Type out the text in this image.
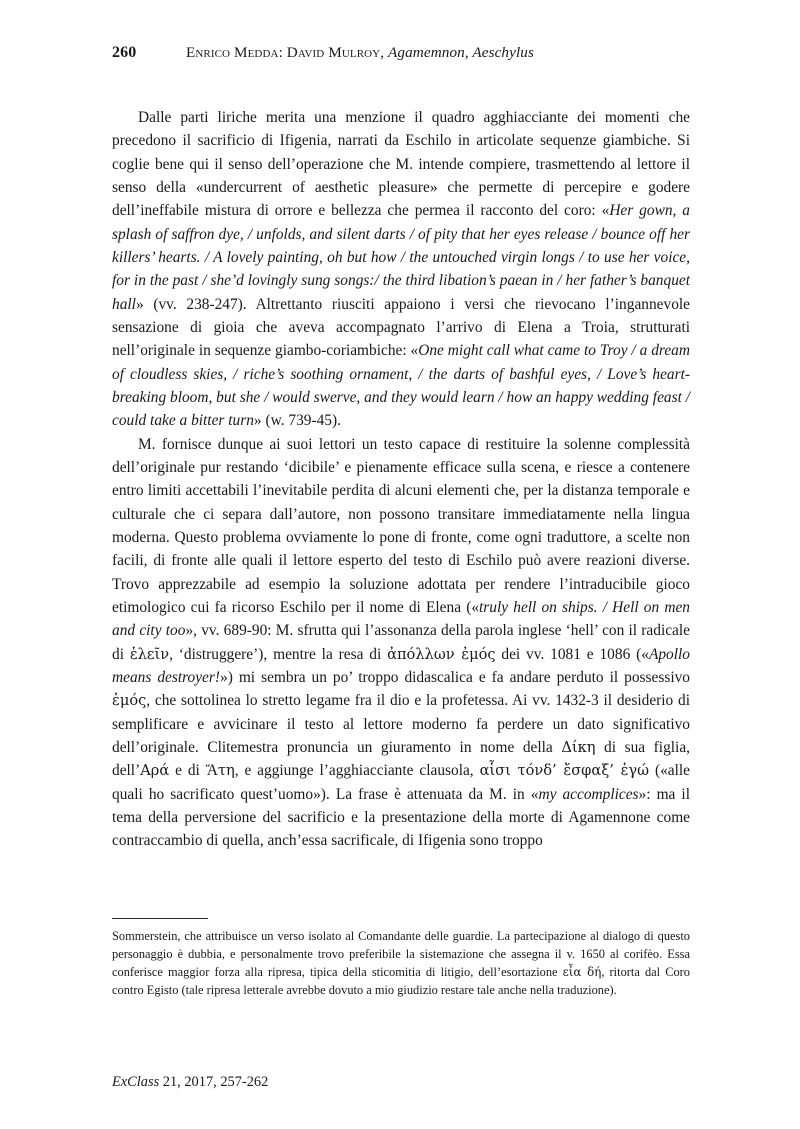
260	Enrico Medda: David Mulroy, Agamemnon, Aeschylus

Dalle parti liriche merita una menzione il quadro agghiacciante dei momenti che precedono il sacrificio di Ifigenia, narrati da Eschilo in articolate sequenze giambiche. Si coglie bene qui il senso dell’operazione che M. intende compiere, trasmettendo al lettore il senso della «undercurrent of aesthetic pleasure» che permette di percepire e godere dell’ineffabile mistura di orrore e bellezza che permea il racconto del coro: «Her gown, a splash of saffron dye, / unfolds, and silent darts / of pity that her eyes release / bounce off her killers’ hearts. / A lovely painting, oh but how / the untouched virgin longs / to use her voice, for in the past / she’d lovingly sung songs:/ the third libation’s paean in / her father’s banquet hall» (vv. 238-247). Altrettanto riusciti appaiono i versi che rievocano l’ingannevole sensazione di gioia che aveva accompagnato l’arrivo di Elena a Troia, strutturati nell’originale in sequenze giambo-coriambiche: «One might call what came to Troy / a dream of cloudless skies, / riche’s soothing ornament, / the darts of bashful eyes, / Love’s heart-breaking bloom, but she / would swerve, and they would learn / how an happy wedding feast / could take a bitter turn» (w. 739-45).

M. fornisce dunque ai suoi lettori un testo capace di restituire la solenne complessità dell’originale pur restando ‘dicibile’ e pienamente efficace sulla scena, e riesce a contenere entro limiti accettabili l’inevitabile perdita di alcuni elementi che, per la distanza temporale e culturale che ci separa dall’autore, non possono transitare immediatamente nella lingua moderna. Questo problema ovviamente lo pone di fronte, come ogni traduttore, a scelte non facili, di fronte alle quali il lettore esperto del testo di Eschilo può avere reazioni diverse. Trovo apprezzabile ad esempio la soluzione adottata per rendere l’intraducibile gioco etimologico cui fa ricorso Eschilo per il nome di Elena («truly hell on ships. / Hell on men and city too», vv. 689-90: M. sfrutta qui l’assonanza della parola inglese ‘hell’ con il radicale di ἑλεῖν, ‘distruggere’), mentre la resa di ἀπόλλων ἐμός dei vv. 1081 e 1086 («Apollo means destroyer!») mi sembra un po’ troppo didascalica e fa andare perduto il possessivo ἐμός, che sottolinea lo stretto legame fra il dio e la profetessa. Ai vv. 1432-3 il desiderio di semplificare e avvicinare il testo al lettore moderno fa perdere un dato significativo dell’originale. Clitemestra pronuncia un giuramento in nome della Δίκη di sua figlia, dell’Αρά e di Ἄτη, e aggiunge l’agghiacciante clausola, αἷσι τόνδ’ ἔσφαξ’ ἐγώ («alle quali ho sacrificato quest’uomo»). La frase è attenuata da M. in «my accomplices»: ma il tema della perversione del sacrificio e la presentazione della morte di Agamennone come contraccambio di quella, anch’essa sacrificale, di Ifigenia sono troppo

Sommerstein, che attribuisce un verso isolato al Comandante delle guardie. La partecipazione al dialogo di questo personaggio è dubbia, e personalmente trovo preferibile la sistemazione che assegna il v. 1650 al corifèo. Essa conferisce maggior forza alla ripresa, tipica della sticomitia di litigio, dell’esortazione εἶα δή, ritorta dal Coro contro Egisto (tale ripresa letterale avrebbe dovuto a mio giudizio restare tale anche nella traduzione).

ExClass 21, 2017, 257-262
